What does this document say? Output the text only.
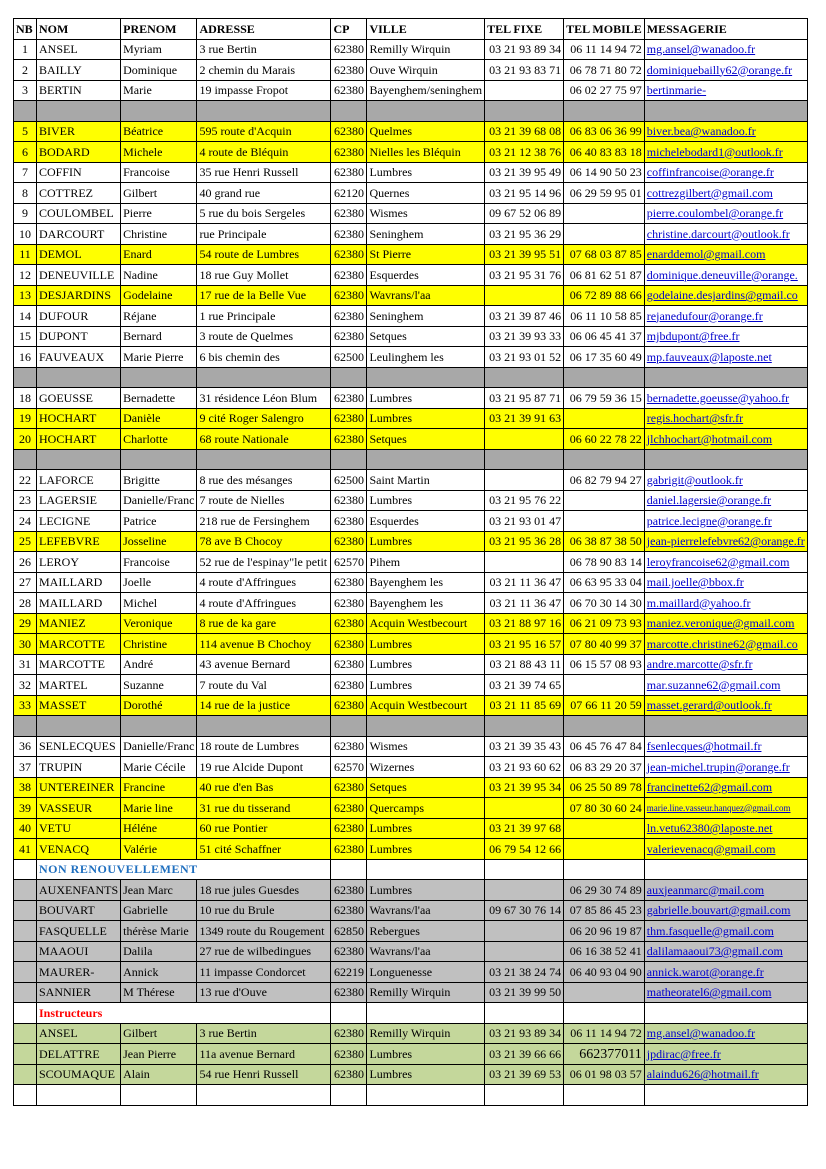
NB	NOM	PRENOM	ADRESSE	CP	VILLE	TEL FIXE	TEL MOBILE	MESSAGERIE
1	ANSEL	Myriam	3 rue Bertin	62380	Remilly Wirquin	03 21 93 89 34	06 11 14 94 72	mg.ansel@wanadoo.fr
2	BAILLY	Dominique	2 chemin du Marais	62380	Ouve Wirquin	03 21 93 83 71	06 78 71 80 72	dominiquebailly62@orange.fr
3	BERTIN	Marie	19 impasse Fropot	62380	Bayenghem/seninghem		06 02 27 75 97	bertinmarie-

5	BIVER	Béatrice	595 route d'Acquin	62380	Quelmes	03 21 39 68 08	06 83 06 36 99	biver.bea@wanadoo.fr
6	BODARD	Michele	4 route de Bléquin	62380	Nielles les Bléquin	03 21 12 38 76	06 40 83 83 18	michelebodard1@outlook.fr
7	COFFIN	Francoise	35 rue Henri Russell	62380	Lumbres	03 21 39 95 49	06 14 90 50 23	coffinfrancoise@orange.fr
8	COTTREZ	Gilbert	40 grand rue	62120	Quernes	03 21 95 14 96	06 29 59 95 01	cottrezgilbert@gmail.com
9	COULOMBEL	Pierre	5 rue du bois Sergeles	62380	Wismes	09 67 52 06 89		pierre.coulombel@orange.fr
10	DARCOURT	Christine	rue Principale	62380	Seninghem	03 21 95 36 29		christine.darcourt@outlook.fr
11	DEMOL	Enard	54 route de Lumbres	62380	St Pierre	03 21 39 95 51	07 68 03 87 85	enarddemol@gmail.com
12	DENEUVILLE	Nadine	18 rue Guy Mollet	62380	Esquerdes	03 21 95 31 76	06 81 62 51 87	dominique.deneuville@orange.
13	DESJARDINS	Godelaine	17 rue de la Belle Vue	62380	Wavrans/l'aa		06 72 89 88 66	godelaine.desjardins@gmail.co
14	DUFOUR	Réjane	1 rue Principale	62380	Seninghem	03 21 39 87 46	06 11 10 58 85	rejanedufour@orange.fr
15	DUPONT	Bernard	3 route de Quelmes	62380	Setques	03 21 39 93 33	06 06 45 41 37	mjbdupont@free.fr
16	FAUVEAUX	Marie Pierre	6 bis chemin des	62500	Leulinghem les	03 21 93 01 52	06 17 35 60 49	mp.fauveaux@laposte.net

18	GOEUSSE	Bernadette	31 résidence Léon Blum	62380	Lumbres	03 21 95 87 71	06 79 59 36 15	bernadette.goeusse@yahoo.fr
19	HOCHART	Danièle	9 cité Roger Salengro	62380	Lumbres	03 21 39 91 63		regis.hochart@sfr.fr
20	HOCHART	Charlotte	68 route Nationale	62380	Setques		06 60 22 78 22	jlchhochart@hotmail.com

22	LAFORCE	Brigitte	8 rue des mésanges	62500	Saint Martin		06 82 79 94 27	gabrigit@outlook.fr
23	LAGERSIE	Danielle/Franc	7 route de Nielles	62380	Lumbres	03 21 95 76 22		daniel.lagersie@orange.fr
24	LECIGNE	Patrice	218 rue de Fersinghem	62380	Esquerdes	03 21 93 01 47		patrice.lecigne@orange.fr
25	LEFEBVRE	Josseline	78 ave B Chocoy	62380	Lumbres	03 21 95 36 28	06 38 87 38 50	jean-pierrelefebvre62@orange.fr
26	LEROY	Francoise	52 rue de l'espinay"le petit	62570	Pihem		06 78 90 83 14	leroyfrancoise62@gmail.com
27	MAILLARD	Joelle	4 route d'Affringues	62380	Bayenghem les	03 21 11 36 47	06 63 95 33 04	mail.joelle@bbox.fr
28	MAILLARD	Michel	4 route d'Affringues	62380	Bayenghem les	03 21 11 36 47	06 70 30 14 30	m.maillard@yahoo.fr
29	MANIEZ	Veronique	8 rue de ka gare	62380	Acquin Westbecourt	03 21 88 97 16	06 21 09 73 93	maniez.veronique@gmail.com
30	MARCOTTE	Christine	114 avenue B Chochoy	62380	Lumbres	03 21 95 16 57	07 80 40 99 37	marcotte.christine62@gmail.co
31	MARCOTTE	André	43 avenue Bernard	62380	Lumbres	03 21 88 43 11	06 15 57 08 93	andre.marcotte@sfr.fr
32	MARTEL	Suzanne	7 route du Val	62380	Lumbres	03 21 39 74 65		mar.suzanne62@gmail.com
33	MASSET	Dorothé	14 rue de la justice	62380	Acquin Westbecourt	03 21 11 85 69	07 66 11 20 59	masset.gerard@outlook.fr

36	SENLECQUES	Danielle/Franc	18 route de Lumbres	62380	Wismes	03 21 39 35 43	06 45 76 47 84	fsenlecques@hotmail.fr
37	TRUPIN	Marie Cécile	19 rue Alcide Dupont	62570	Wizernes	03 21 93 60 62	06 83 29 20 37	jean-michel.trupin@orange.fr
38	UNTEREINER	Francine	40 rue d'en Bas	62380	Setques	03 21 39 95 34	06 25 50 89 78	francinette62@gmail.com
39	VASSEUR	Marie line	31 rue du tisserand	62380	Quercamps		07 80 30 60 24	marie.line.vasseur.hanquez@gmail.com
40	VETU	Héléne	60 rue Pontier	62380	Lumbres	03 21 39 97 68		ln.vetu62380@laposte.net
41	VENACQ	Valérie	51 cité Schaffner	62380	Lumbres	06 79 54 12 66		valerievenacq@gmail.com
	NON RENOUVELLEMENT							
	AUXENFANTS	Jean Marc	18 rue jules Guesdes	62380	Lumbres		06 29 30 74 89	auxjeanmarc@mail.com
	BOUVART	Gabrielle	10 rue du Brule	62380	Wavrans/l'aa	09 67 30 76 14	07 85 86 45 23	gabrielle.bouvart@gmail.com
	FASQUELLE	thérèse Marie	1349 route du Rougement	62850	Rebergues		06 20 96 19 87	thm.fasquelle@gmail.com
	MAAOUI	Dalila	27 rue de wilbedingues	62380	Wavrans/l'aa		06 16 38 52 41	dalilamaaoui73@gmail.com
	MAURER-	Annick	11 impasse Condorcet	62219	Longuenesse	03 21 38 24 74	06 40 93 04 90	annick.warot@orange.fr
	SANNIER	M Thérese	13 rue d'Ouve	62380	Remilly Wirquin	03 21 39 99 50		matheoratel6@gmail.com
	Instructeurs							
	ANSEL	Gilbert	3 rue Bertin	62380	Remilly Wirquin	03 21 93 89 34	06 11 14 94 72	mg.ansel@wanadoo.fr
	DELATTRE	Jean Pierre	11a avenue Bernard	62380	Lumbres	03 21 39 66 66	662377011	jpdirac@free.fr
	SCOUMAQUE	Alain	54 rue Henri Russell	62380	Lumbres	03 21 39 69 53	06 01 98 03 57	alaindu626@hotmail.fr
